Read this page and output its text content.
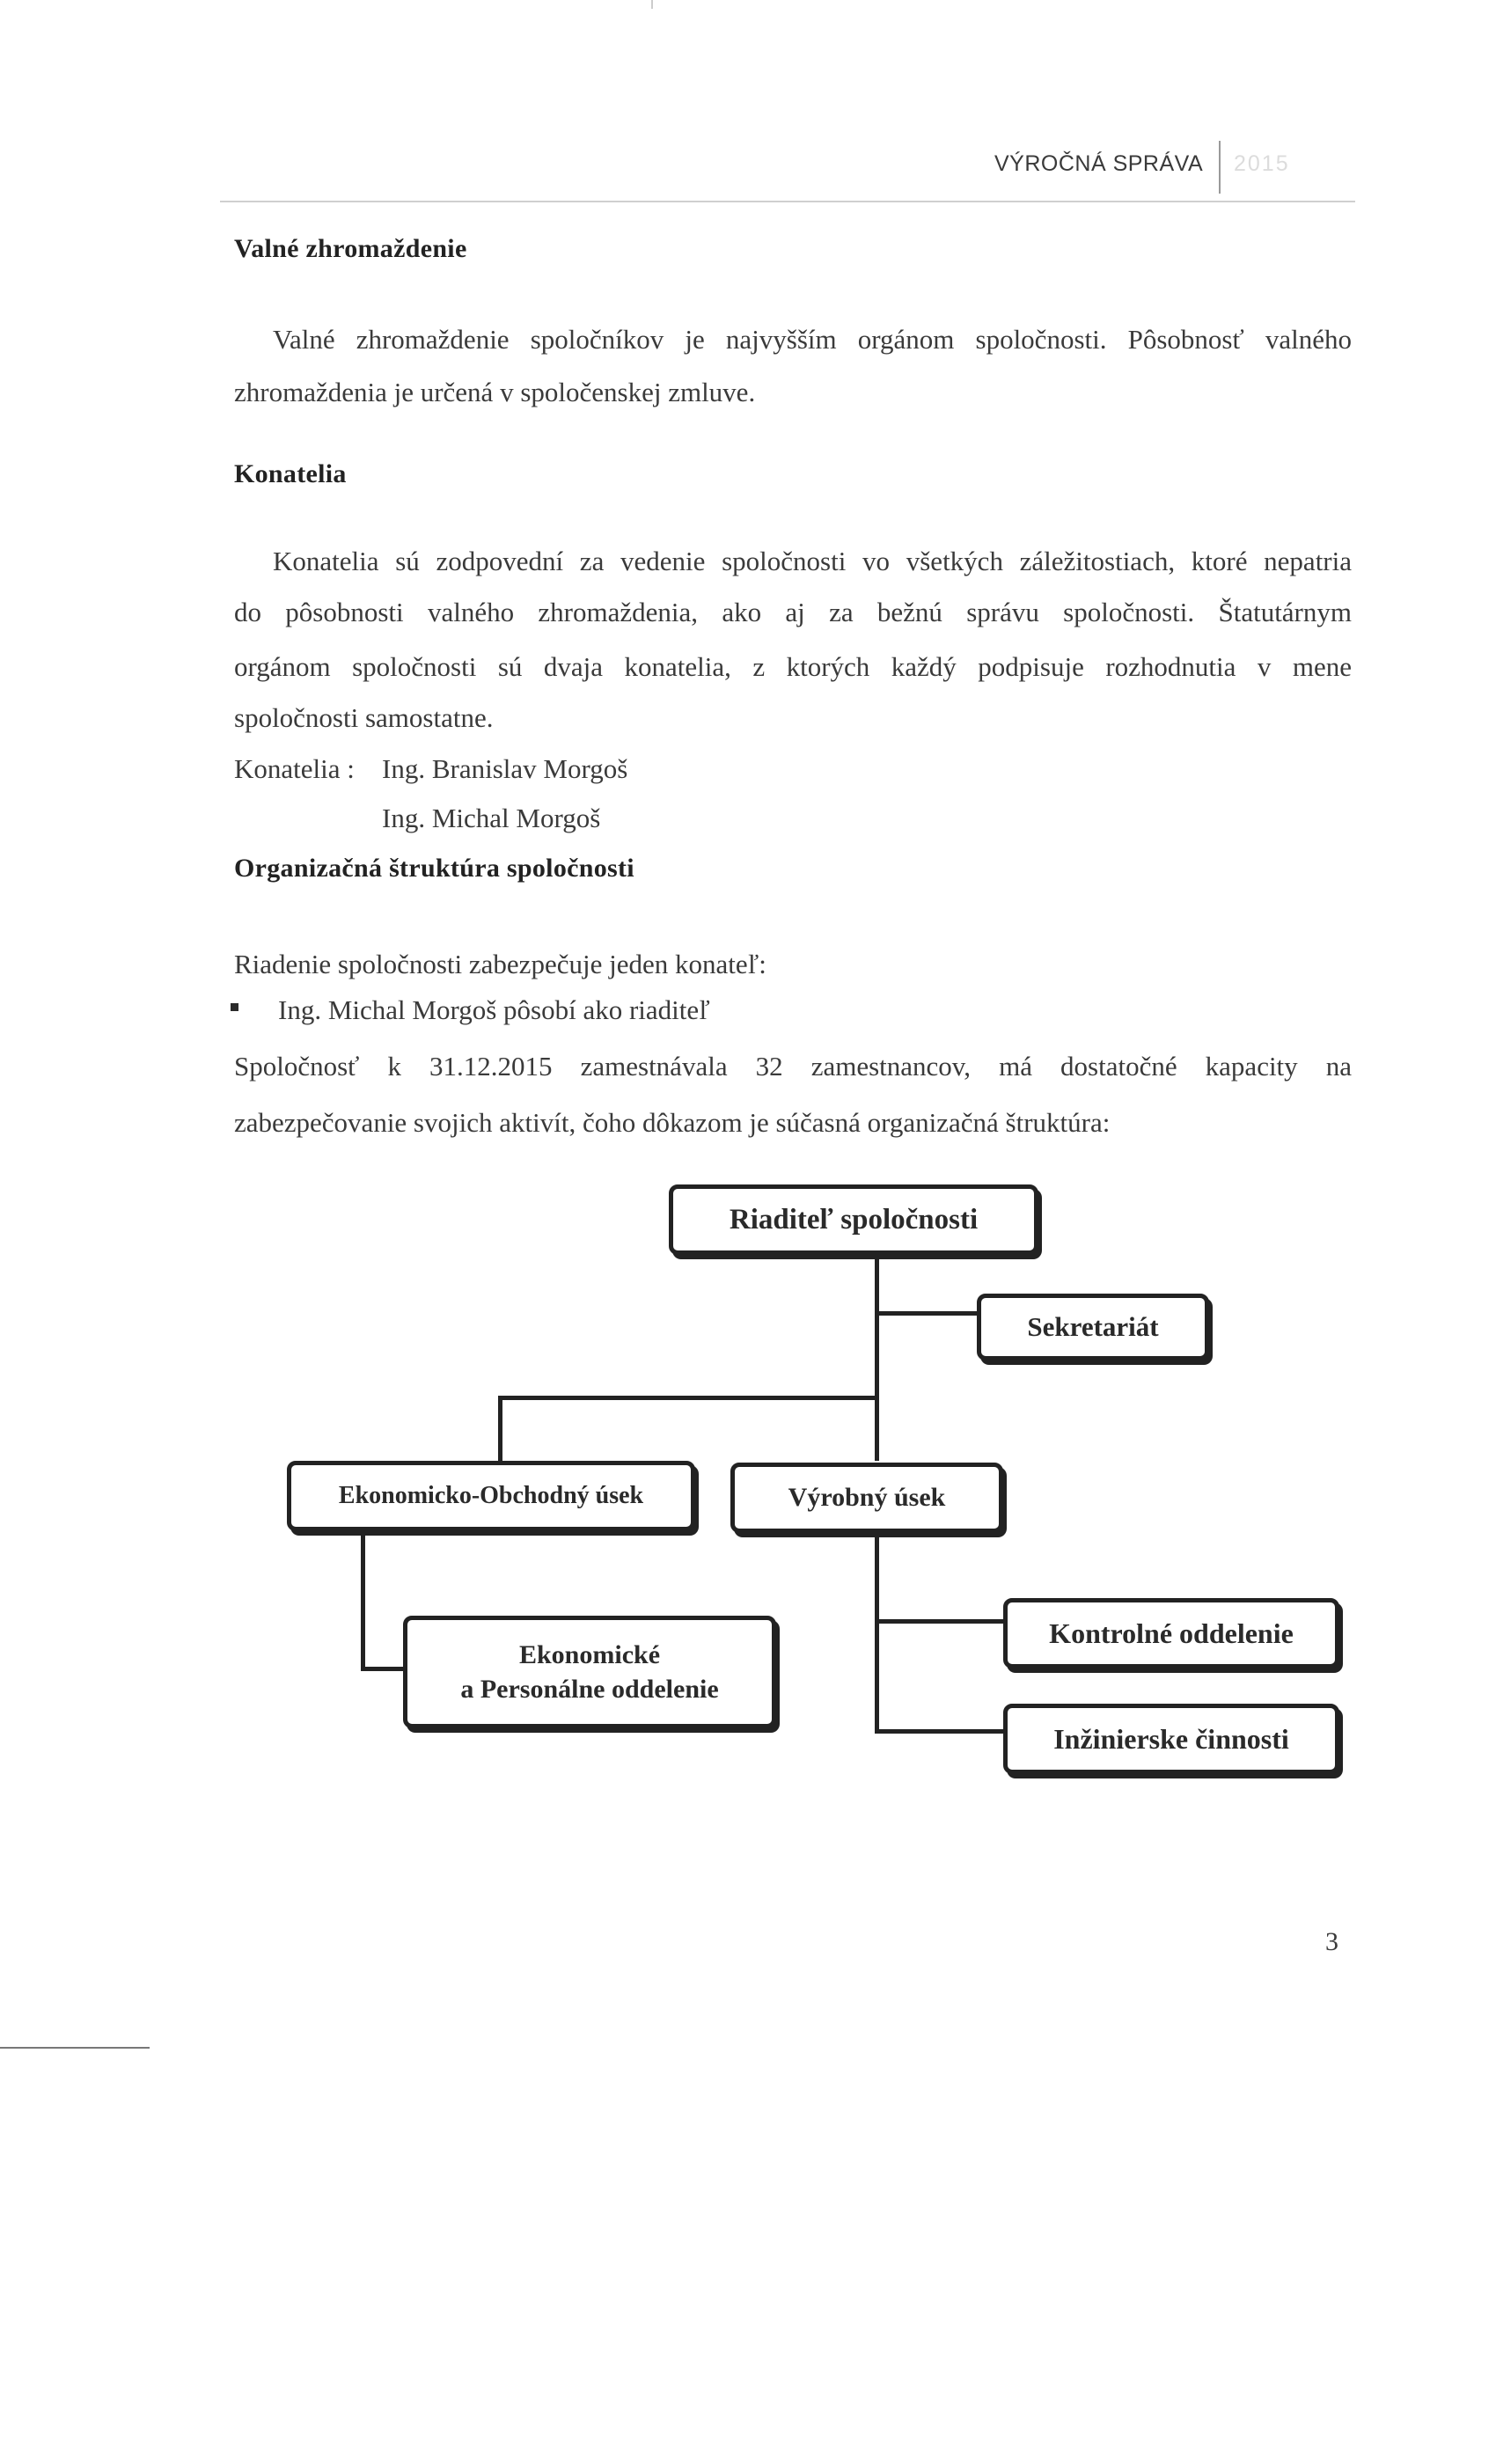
VÝROČNÁ SPRÁVA 2015
Valné zhromaždenie
Valné zhromaždenie spoločníkov je najvyšším orgánom spoločnosti. Pôsobnosť valného
zhromaždenia je určená v spoločenskej zmluve.
Konatelia
Konatelia sú zodpovední za vedenie spoločnosti vo všetkých záležitostiach, ktoré nepatria
do pôsobnosti valného zhromaždenia, ako aj za bežnú správu spoločnosti. Štatutárnym
orgánom spoločnosti sú dvaja konatelia, z ktorých každý podpisuje rozhodnutia v mene
spoločnosti samostatne.
Konatelia : Ing. Branislav Morgoš
Ing. Michal Morgoš
Organizačná štruktúra spoločnosti
Riadenie spoločnosti zabezpečuje jeden konateľ:
Ing. Michal Morgoš pôsobí ako riaditeľ
Spoločnosť k 31.12.2015 zamestnávala 32 zamestnancov, má dostatočné kapacity na
zabezpečovanie svojich aktivít, čoho dôkazom je súčasná organizačná štruktúra:
Riaditeľ spoločnosti
Sekretariát
Ekonomicko-Obchodný úsek	Výrobný úsek
Ekonomické
a Personálne oddelenie
Kontrolné oddelenie
Inžinierske činnosti
3
